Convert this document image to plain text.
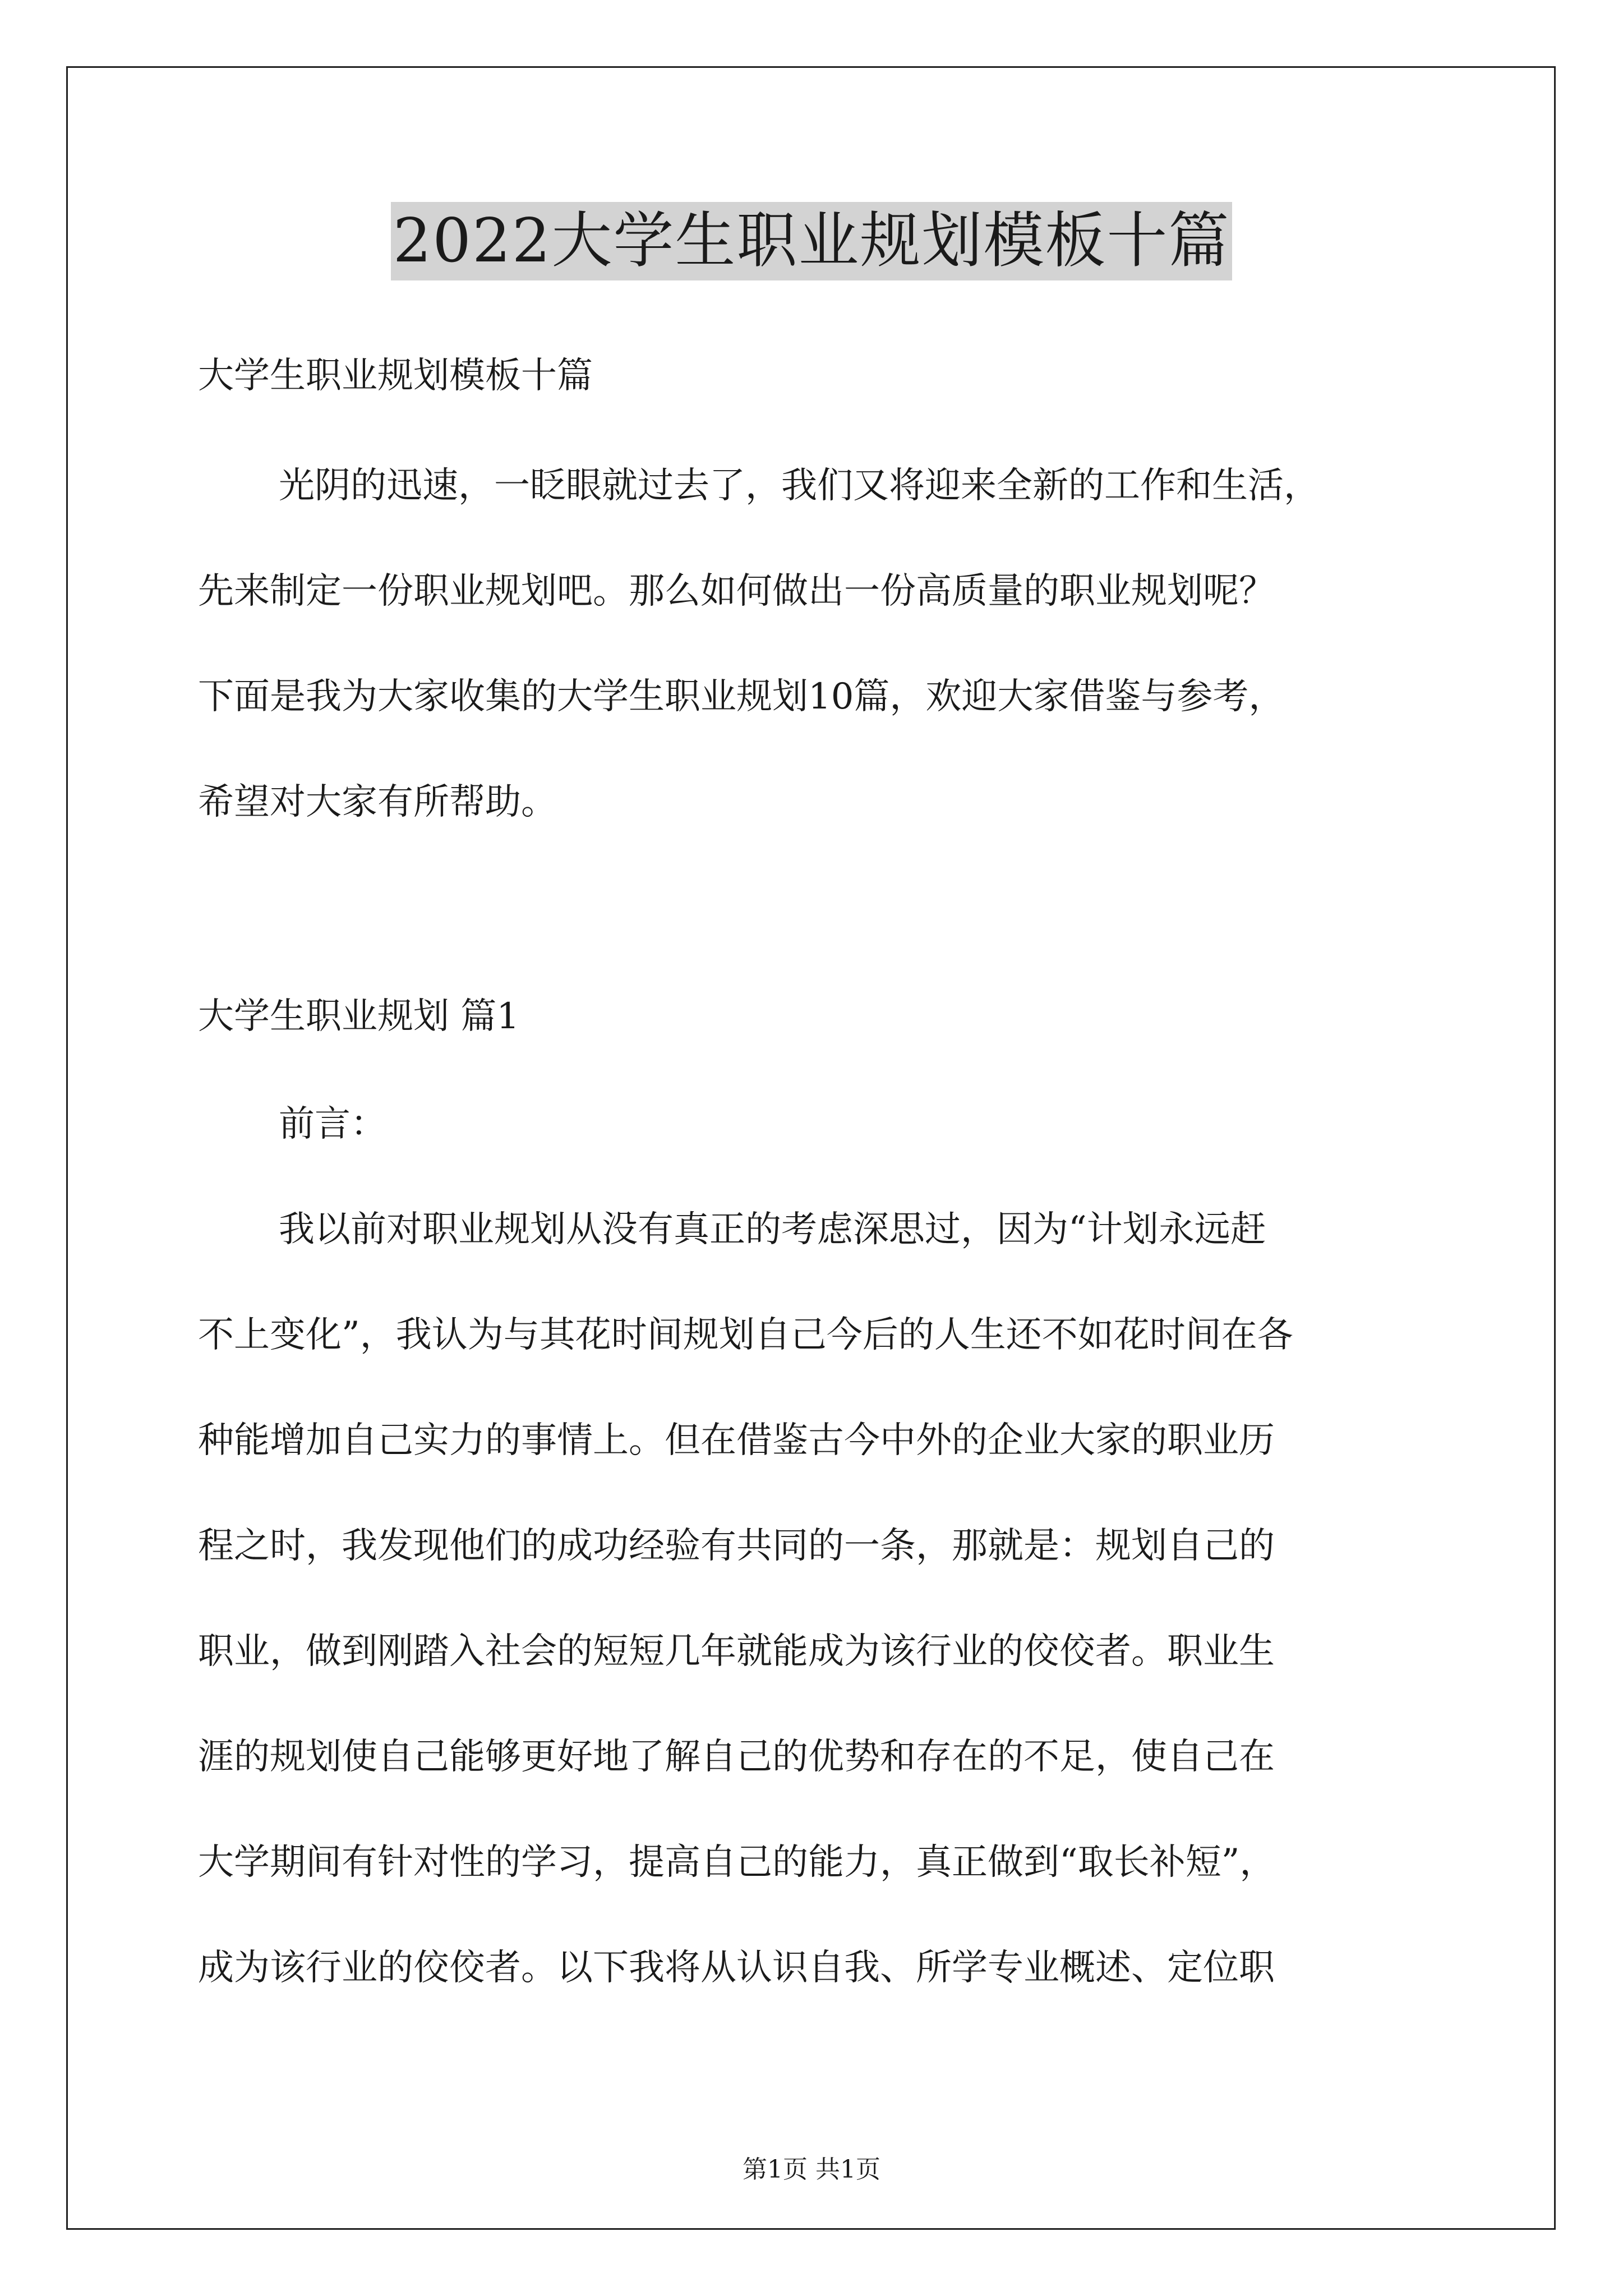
2022大学生职业规划模板十篇
大学生职业规划模板十篇
光阴的迅速，一眨眼就过去了，我们又将迎来全新的工作和生活，
先来制定一份职业规划吧。那么如何做出一份高质量的职业规划呢？
下面是我为大家收集的大学生职业规划10篇，欢迎大家借鉴与参考，
希望对大家有所帮助。
大学生职业规划 篇1
前言：
我以前对职业规划从没有真正的考虑深思过，因为“计划永远赶
不上变化”，我认为与其花时间规划自己今后的人生还不如花时间在各
种能增加自己实力的事情上。但在借鉴古今中外的企业大家的职业历
程之时，我发现他们的成功经验有共同的一条，那就是：规划自己的
职业，做到刚踏入社会的短短几年就能成为该行业的佼佼者。职业生
涯的规划使自己能够更好地了解自己的优势和存在的不足，使自己在
大学期间有针对性的学习，提高自己的能力，真正做到“取长补短”，
成为该行业的佼佼者。以下我将从认识自我、所学专业概述、定位职
第1页 共1页
